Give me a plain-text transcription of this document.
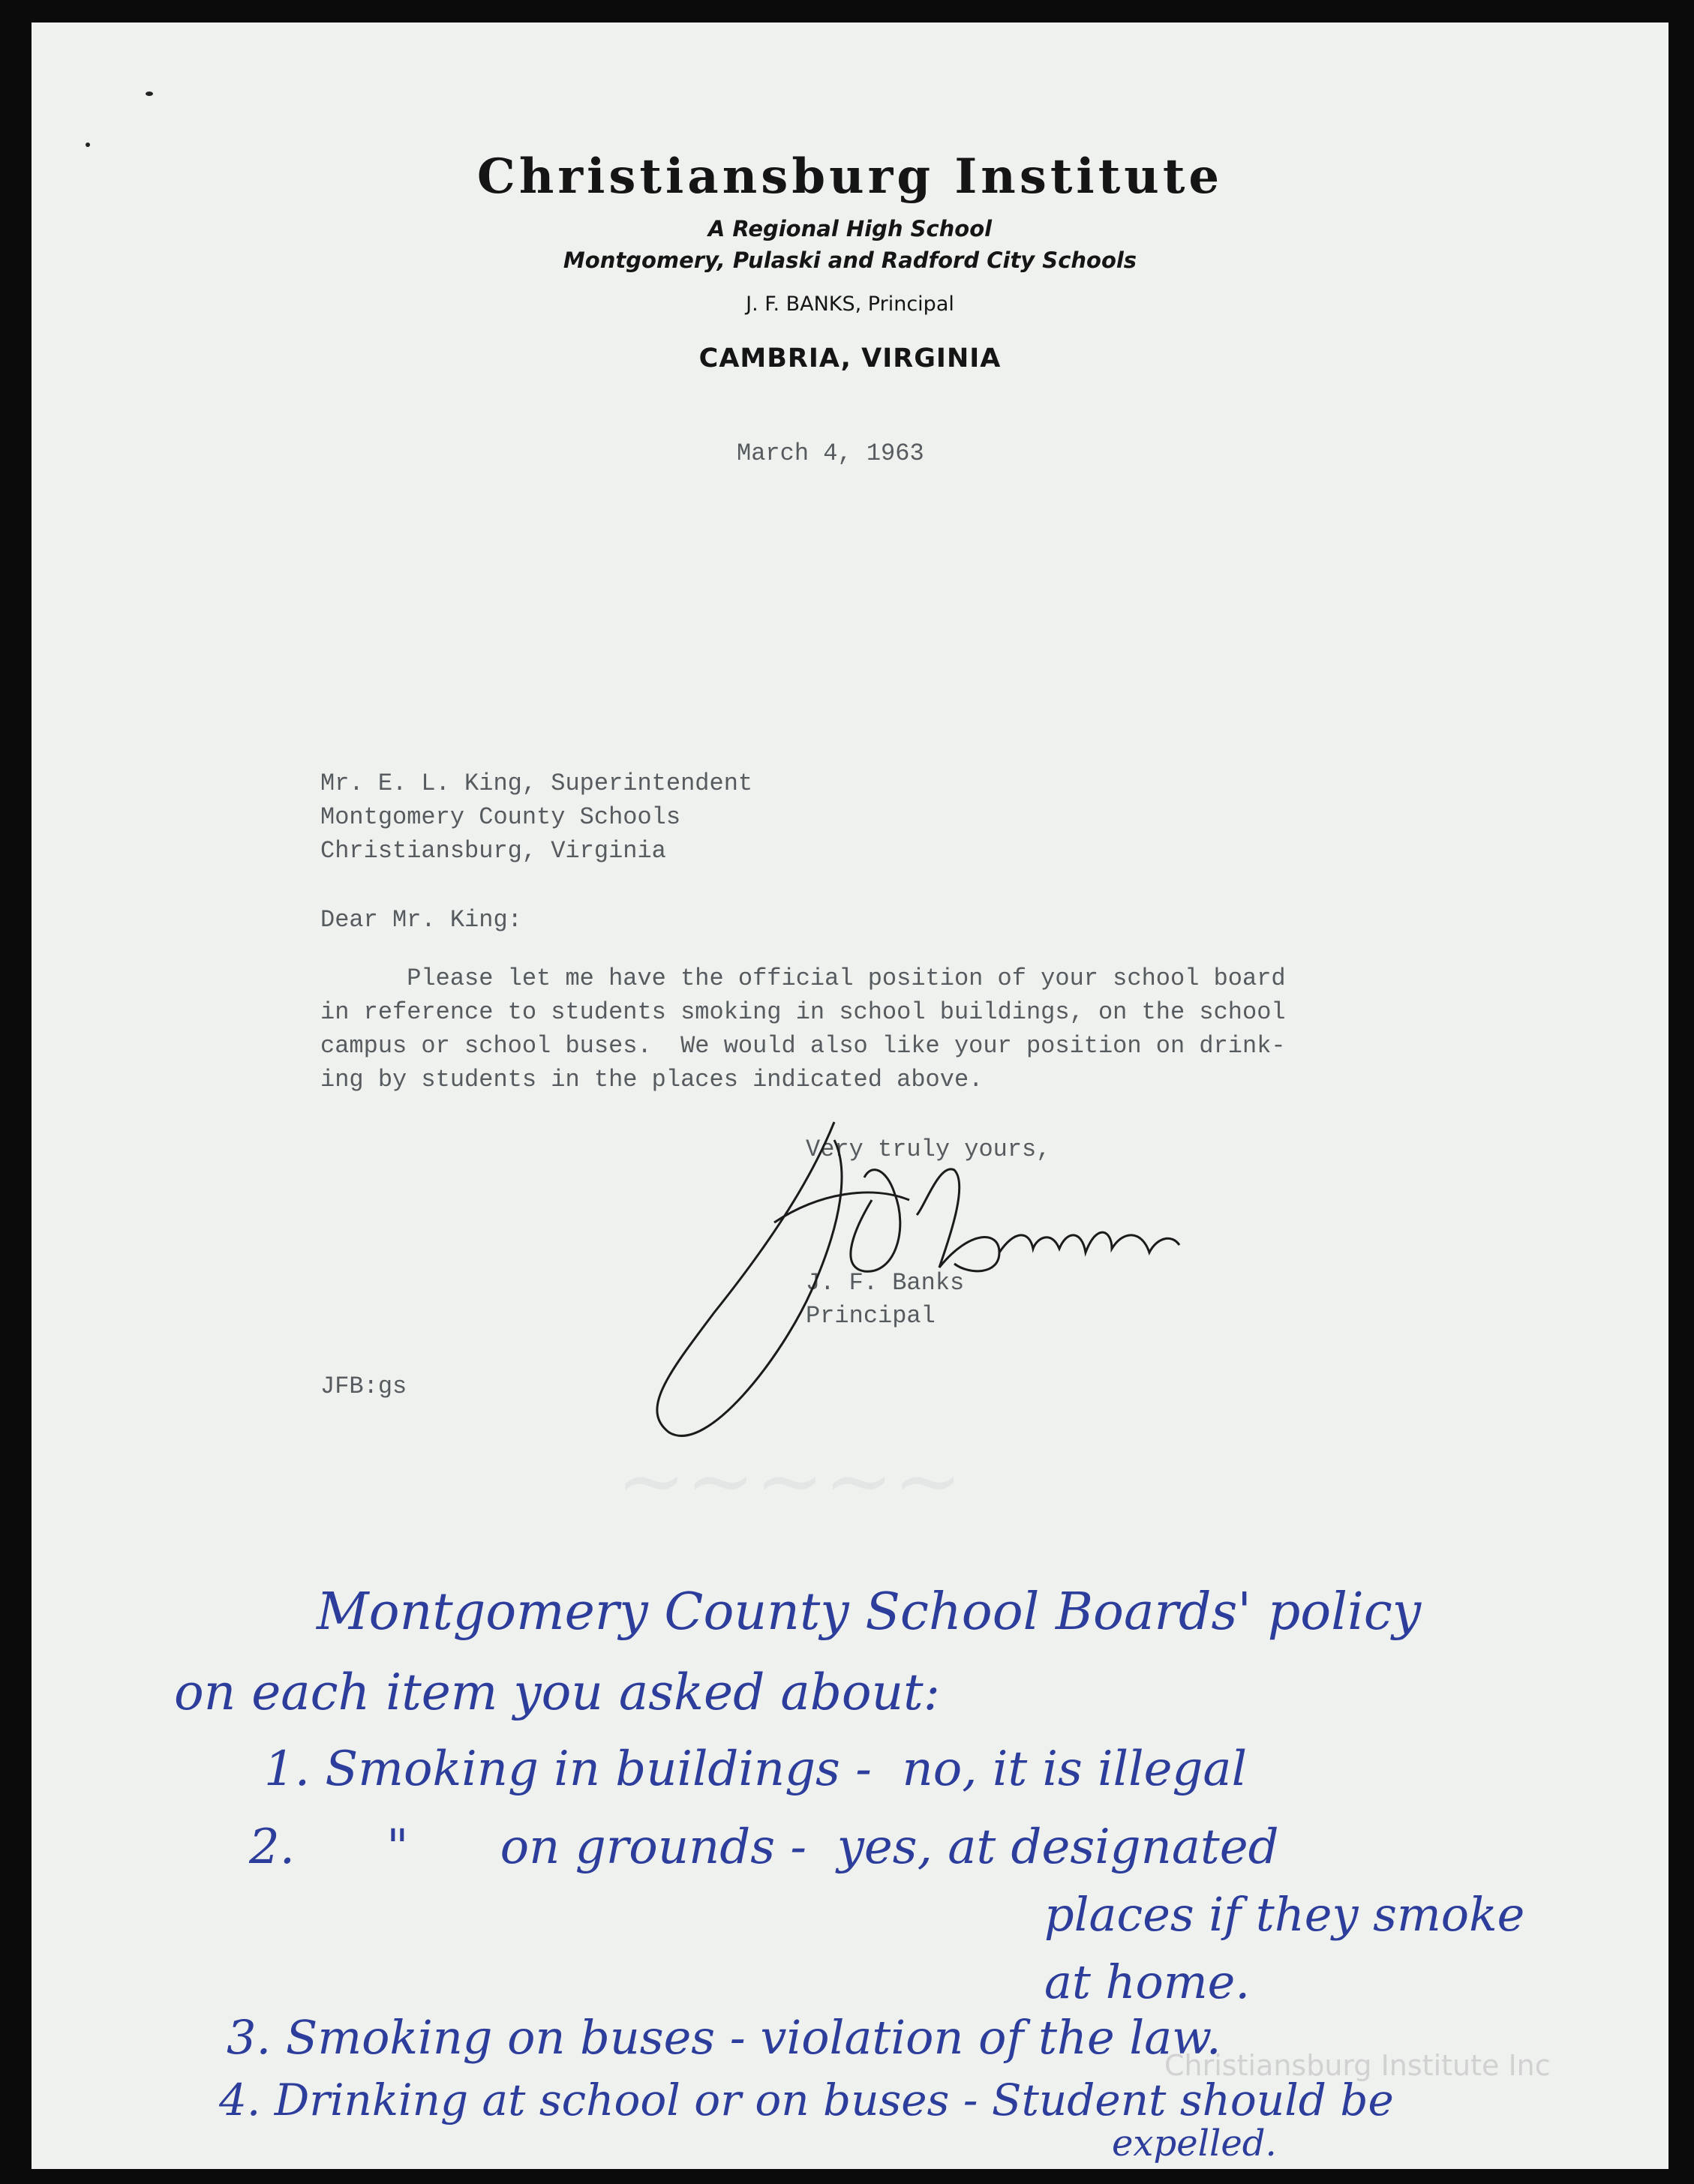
Christiansburg Institute
A Regional High School
Montgomery, Pulaski and Radford City Schools
J. F. BANKS, Principal
CAMBRIA, VIRGINIA
March 4, 1963
Mr. E. L. King, Superintendent
Montgomery County Schools
Christiansburg, Virginia
Dear Mr. King:
Please let me have the official position of your school board
in reference to students smoking in school buildings, on the school
campus or school buses.  We would also like your position on drink-
ing by students in the places indicated above.
Very truly yours,
J. F. Banks
Principal
JFB:gs
~~~~~
Montgomery County School Boards' policy
on each item you asked about:
1. Smoking in buildings -  no, it is illegal
2.      "      on grounds -  yes, at designated
places if they smoke
at home.
3. Smoking on buses - violation of the law.
4. Drinking at school or on buses - Student should be
expelled.
Christiansburg Institute Inc
